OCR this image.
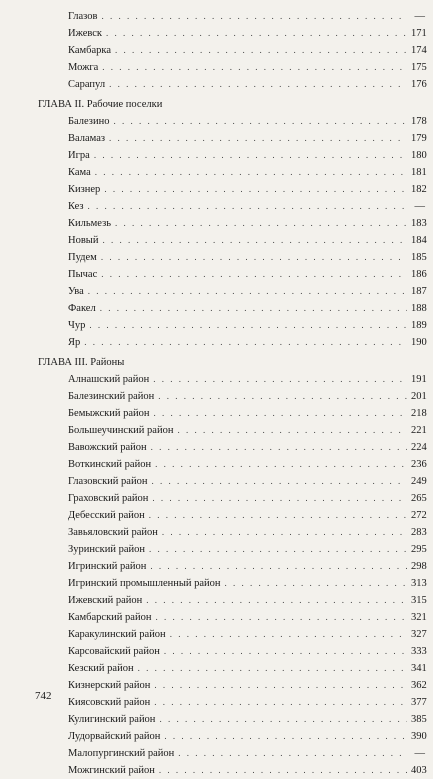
Глазов . . .	—
Ижевск . . .	171
Камбарка . . .	174
Можга . . .	175
Сарапул . . .	176
ГЛАВА II. Рабочие поселки
Балезино . . .	178
Валамаз . . .	179
Игра . . .	180
Кама . . .	181
Кизнер . . .	182
Кез . . .	—
Кильмезь . . .	183
Новый . . .	184
Пудем . . .	185
Пычас . . .	186
Ува . . .	187
Факел . . .	188
Чур . . .	189
Яр . . .	190
ГЛАВА III. Районы
Алнашский район . . .	191
Балезинский район . . .	201
Бемыжский район . . .	218
Большеучинский район . . .	221
Вавожский район . . .	224
Воткинский район . . .	236
Глазовский район . . .	249
Граховский район . . .	265
Дебесский район . . .	272
Завьяловский район . . .	283
Зуринский район . . .	295
Игринский район . . .	298
Игринский промышленный район . . .	313
Ижевский район . . .	315
Камбарский район . . .	321
Каракулинский район . . .	327
Карсовайский район . . .	333
Кезский район . . .	341
Кизнерский район . . .	362
Киясовский район . . .	377
Кулигинский район . . .	385
Лудорвайский район . . .	390
Малопургинский район . . .	—
Можгинский район . . .	403
742
